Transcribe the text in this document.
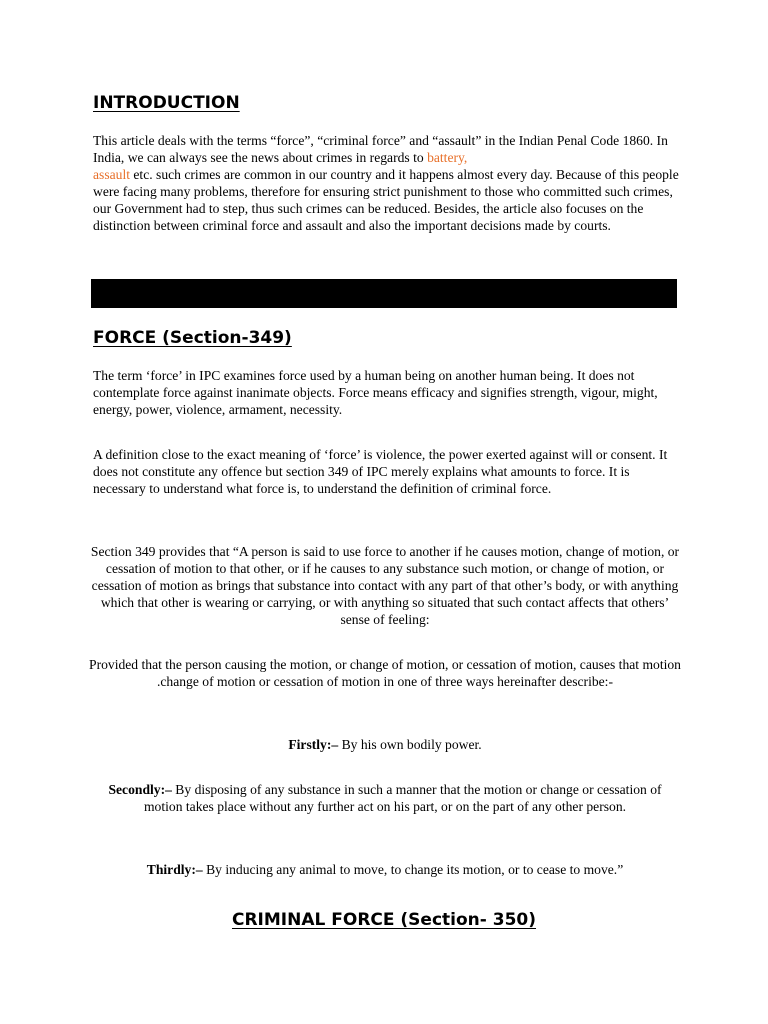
INTRODUCTION

This article deals with the terms “force”, “criminal force” and “assault” in the Indian Penal Code 1860. In India, we can always see the news about crimes in regards to battery,
assault etc. such crimes are common in our country and it happens almost every day. Because of this people were facing many problems, therefore for ensuring strict punishment to those who committed such crimes, our Government had to step, thus such crimes can be reduced. Besides, the article also focuses on the distinction between criminal force and assault and also the important decisions made by courts.

FORCE (Section-349)

The term ‘force’ in IPC examines force used by a human being on another human being. It does not contemplate force against inanimate objects. Force means efficacy and signifies strength, vigour, might, energy, power, violence, armament, necessity.

A definition close to the exact meaning of ‘force’ is violence, the power exerted against will or consent. It does not constitute any offence but section 349 of IPC merely explains what amounts to force. It is necessary to understand what force is, to understand the definition of criminal force.

Section 349 provides that “A person is said to use force to another if he causes motion, change of motion, or cessation of motion to that other, or if he causes to any substance such motion, or change of motion, or cessation of motion as brings that substance into contact with any part of that other’s body, or with anything which that other is wearing or carrying, or with anything so situated that such contact affects that others’ sense of feeling:

Provided that the person causing the motion, or change of motion, or cessation of motion, causes that motion .change of motion or cessation of motion in one of three ways hereinafter describe:-

Firstly:– By his own bodily power.

Secondly:– By disposing of any substance in such a manner that the motion or change or cessation of motion takes place without any further act on his part, or on the part of any other person.

Thirdly:– By inducing any animal to move, to change its motion, or to cease to move.”

CRIMINAL FORCE (Section- 350)
